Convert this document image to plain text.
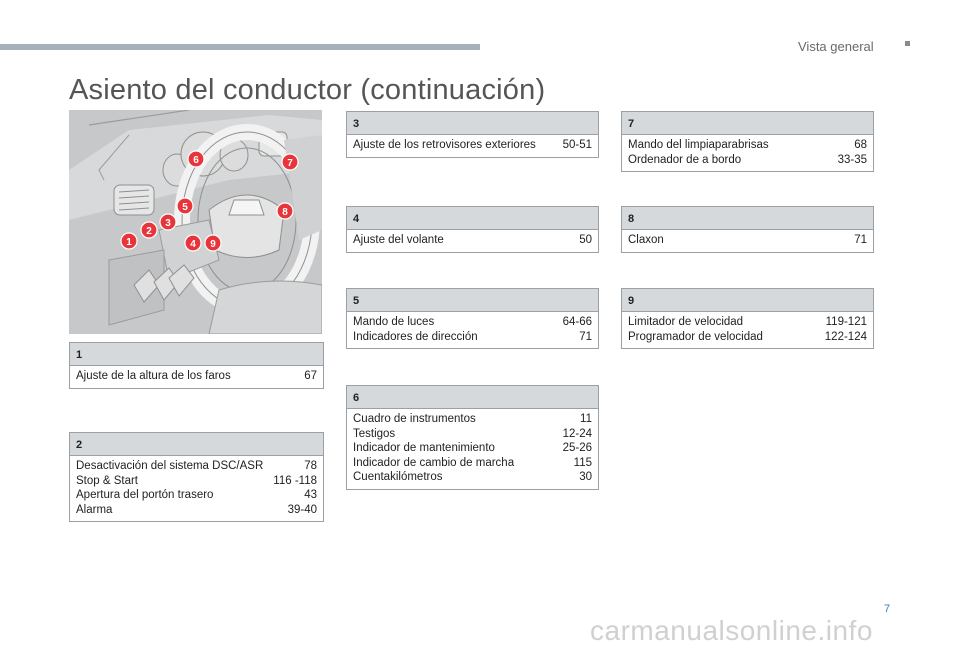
Vista general
Asiento del conductor (continuación)
1
2
3
4
5
6	7
8
9
1
Ajuste de la altura de los faros	67
2
Desactivación del sistema DSC/ASR	78
Stop & Start	116 -118
Apertura del portón trasero	43
Alarma	39-40
3
Ajuste de los retrovisores exteriores 50-51
4
Ajuste del volante	50
5
Mando de luces	64-66
Indicadores de dirección	71
6
Cuadro de instrumentos	11
Testigos	12-24
Indicador de mantenimiento	25-26
Indicador de cambio de marcha	115
Cuentakilómetros	30
7
Mando del limpiaparabrisas	68
Ordenador de a bordo	33-35
8
Claxon	71
9
Limitador de velocidad	119-121
Programador de velocidad	122-124
7
carmanualsonline.info
